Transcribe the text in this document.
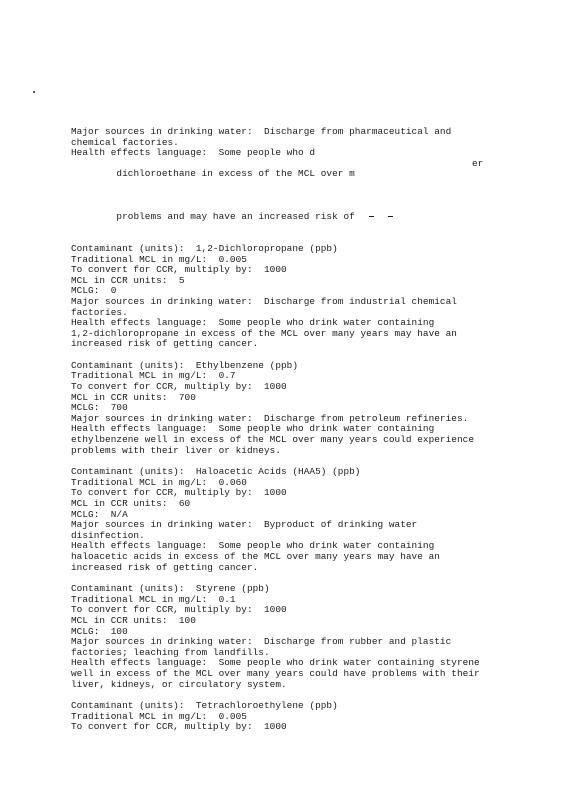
Major sources in drinking water:  Discharge from pharmaceutical and
chemical factories.
Health effects language:  Some people who d

dichloroethane in excess of the MCL over m

er

problems and may have an increased risk of

Contaminant (units):  1,2-Dichloropropane (ppb)
Traditional MCL in mg/L:  0.005
To convert for CCR, multiply by:  1000
MCL in CCR units:  5
MCLG:  0
Major sources in drinking water:  Discharge from industrial chemical
factories.
Health effects language:  Some people who drink water containing
1,2-dichloropropane in excess of the MCL over many years may have an
increased risk of getting cancer.
Contaminant (units):  Ethylbenzene (ppb)
Traditional MCL in mg/L:  0.7
To convert for CCR, multiply by:  1000
MCL in CCR units:  700
MCLG:  700
Major sources in drinking water:  Discharge from petroleum refineries.
Health effects language:  Some people who drink water containing
ethylbenzene well in excess of the MCL over many years could experience
problems with their liver or kidneys.
Contaminant (units):  Haloacetic Acids (HAA5) (ppb)
Traditional MCL in mg/L:  0.060
To convert for CCR, multiply by:  1000
MCL in CCR units:  60
MCLG:  N/A
Major sources in drinking water:  Byproduct of drinking water
disinfection.
Health effects language:  Some people who drink water containing
haloacetic acids in excess of the MCL over many years may have an
increased risk of getting cancer.
Contaminant (units):  Styrene (ppb)
Traditional MCL in mg/L:  0.1
To convert for CCR, multiply by:  1000
MCL in CCR units:  100
MCLG:  100
Major sources in drinking water:  Discharge from rubber and plastic
factories; leaching from landfills.
Health effects language:  Some people who drink water containing styrene
well in excess of the MCL over many years could have problems with their
liver, kidneys, or circulatory system.
Contaminant (units):  Tetrachloroethylene (ppb)
Traditional MCL in mg/L:  0.005
To convert for CCR, multiply by:  1000
